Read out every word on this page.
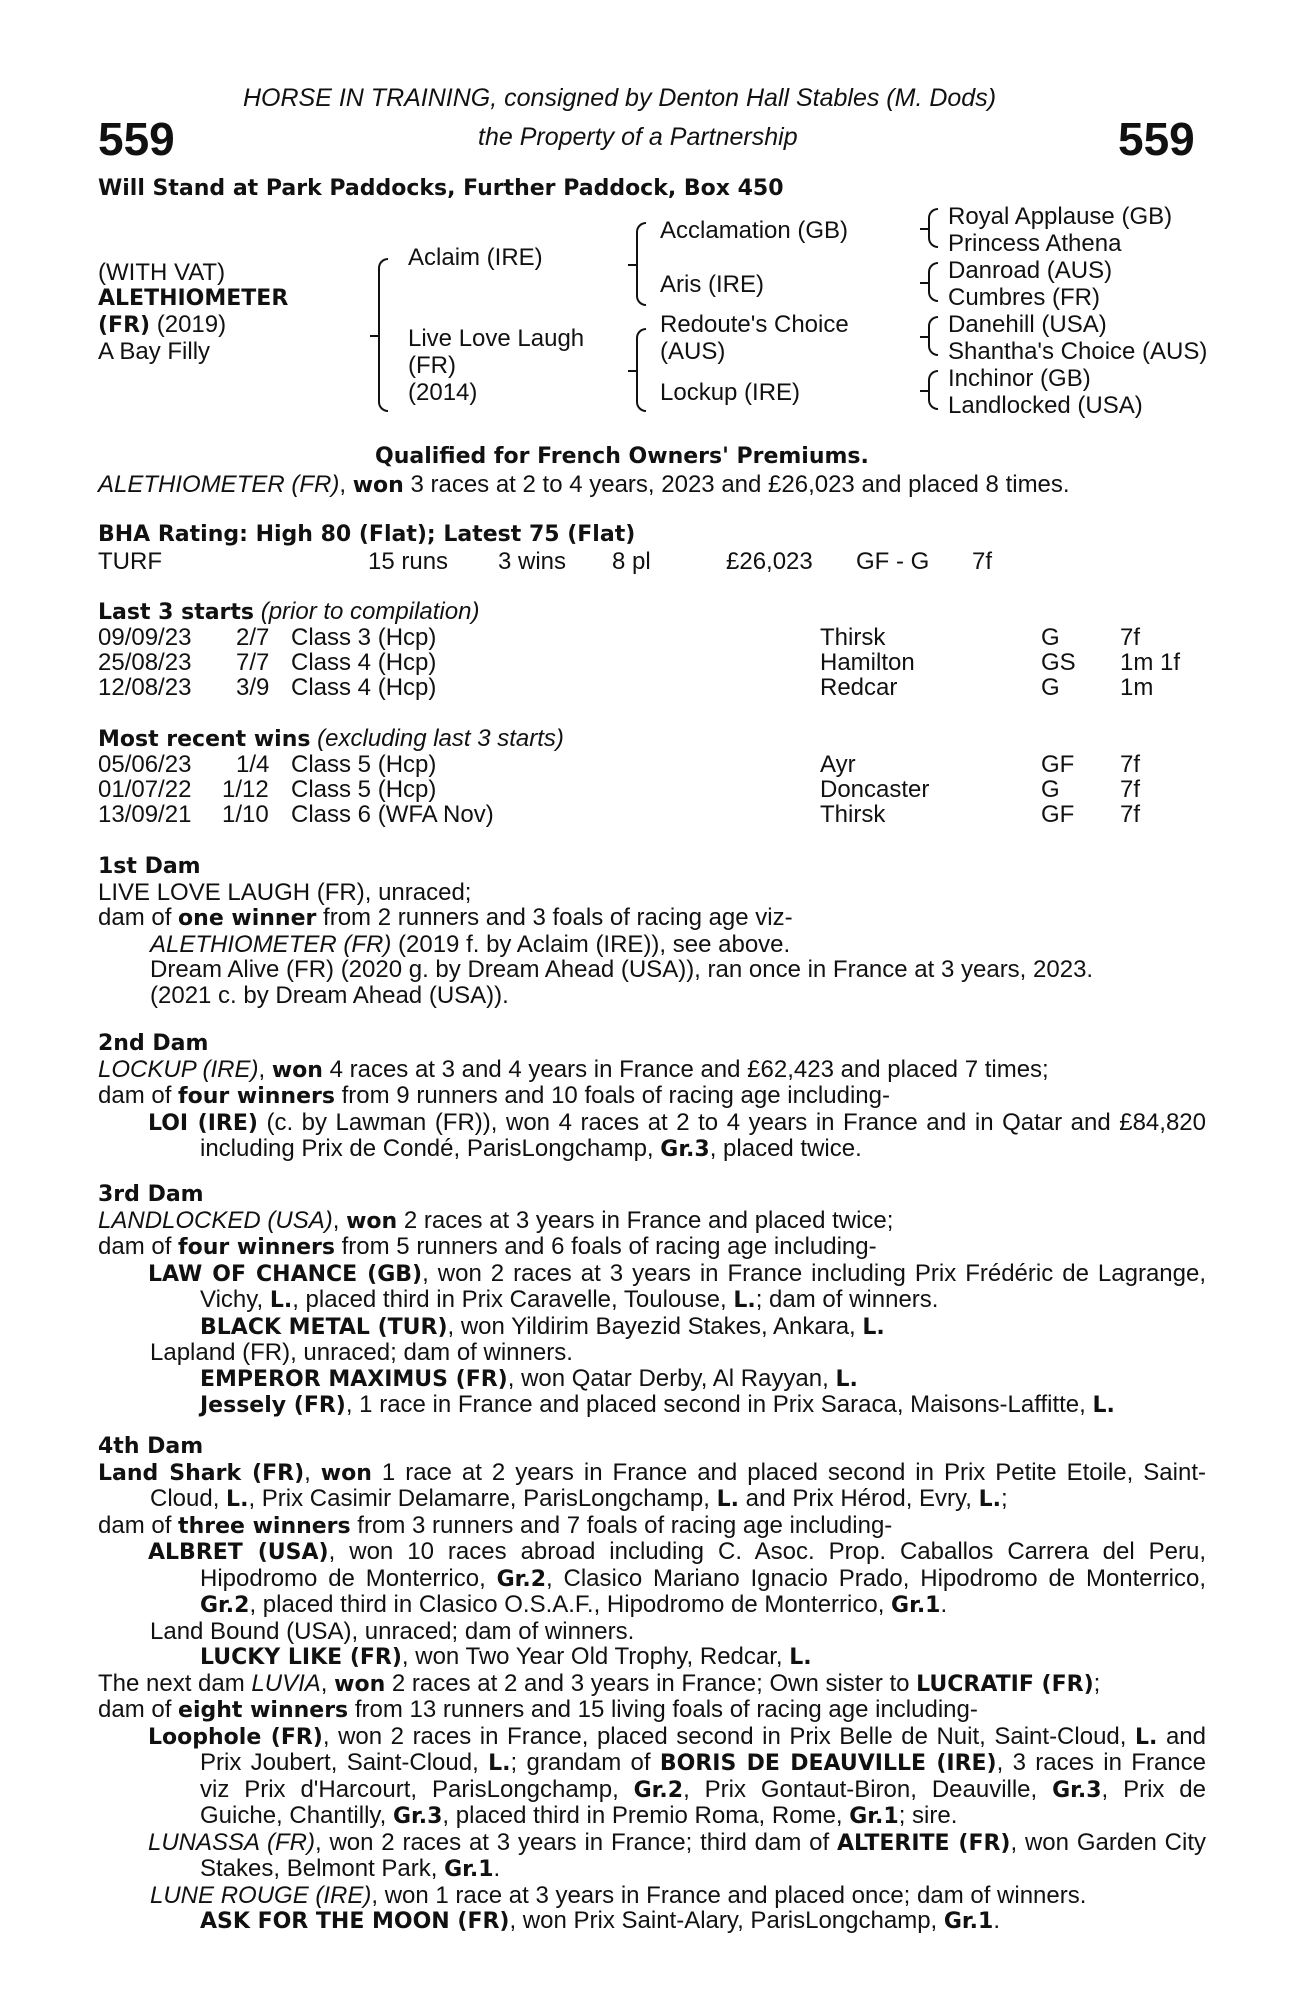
HORSE IN TRAINING, consigned by Denton Hall Stables (M. Dods)
the Property of a Partnership
559	559
Will Stand at Park Paddocks, Further Paddock, Box 450
(WITH VAT)
ALETHIOMETER
(FR) (2019)
A Bay Filly
Aclaim (IRE)
Live Love Laugh
(FR)
(2014)
Acclamation (GB)
Aris (IRE)
Redoute's Choice
(AUS)
Lockup (IRE)
Royal Applause (GB)
Princess Athena
Danroad (AUS)
Cumbres (FR)
Danehill (USA)
Shantha's Choice (AUS)
Inchinor (GB)
Landlocked (USA)
Qualified for French Owners' Premiums.
ALETHIOMETER (FR), won 3 races at 2 to 4 years, 2023 and £26,023 and placed 8 times.
BHA Rating: High 80 (Flat); Latest 75 (Flat)
TURF	15 runs 3 wins 8 pl	£26,023 GF - G 7f
Last 3 starts (prior to compilation)
09/09/23 2/7 Class 3 (Hcp)	Thirsk	G	7f
25/08/23 7/7 Class 4 (Hcp)	Hamilton	GS 1m 1f
12/08/23 3/9 Class 4 (Hcp)	Redcar	G	1m
Most recent wins (excluding last 3 starts)
05/06/23 1/4 Class 5 (Hcp)	Ayr	GF 7f
01/07/22 1/12 Class 5 (Hcp)	Doncaster	G	7f
13/09/21 1/10 Class 6 (WFA Nov)	Thirsk	GF 7f
1st Dam
LIVE LOVE LAUGH (FR), unraced;
dam of one winner from 2 runners and 3 foals of racing age viz-
ALETHIOMETER (FR) (2019 f. by Aclaim (IRE)), see above.
Dream Alive (FR) (2020 g. by Dream Ahead (USA)), ran once in France at 3 years, 2023.
(2021 c. by Dream Ahead (USA)).
2nd Dam
LOCKUP (IRE), won 4 races at 3 and 4 years in France and £62,423 and placed 7 times;
dam of four winners from 9 runners and 10 foals of racing age including-
LOI (IRE) (c. by Lawman (FR)), won 4 races at 2 to 4 years in France and in Qatar and £84,820 including Prix de Condé, ParisLongchamp, Gr.3, placed twice.
3rd Dam
LANDLOCKED (USA), won 2 races at 3 years in France and placed twice;
dam of four winners from 5 runners and 6 foals of racing age including-
LAW OF CHANCE (GB), won 2 races at 3 years in France including Prix Frédéric de Lagrange, Vichy, L., placed third in Prix Caravelle, Toulouse, L.; dam of winners.
BLACK METAL (TUR), won Yildirim Bayezid Stakes, Ankara, L.
Lapland (FR), unraced; dam of winners.
EMPEROR MAXIMUS (FR), won Qatar Derby, Al Rayyan, L.
Jessely (FR), 1 race in France and placed second in Prix Saraca, Maisons-Laffitte, L.
4th Dam
Land Shark (FR), won 1 race at 2 years in France and placed second in Prix Petite Etoile, Saint-Cloud, L., Prix Casimir Delamarre, ParisLongchamp, L. and Prix Hérod, Evry, L.;
dam of three winners from 3 runners and 7 foals of racing age including-
ALBRET (USA), won 10 races abroad including C. Asoc. Prop. Caballos Carrera del Peru, Hipodromo de Monterrico, Gr.2, Clasico Mariano Ignacio Prado, Hipodromo de Monterrico, Gr.2, placed third in Clasico O.S.A.F., Hipodromo de Monterrico, Gr.1.
Land Bound (USA), unraced; dam of winners.
LUCKY LIKE (FR), won Two Year Old Trophy, Redcar, L.
The next dam LUVIA, won 2 races at 2 and 3 years in France; Own sister to LUCRATIF (FR);
dam of eight winners from 13 runners and 15 living foals of racing age including-
Loophole (FR), won 2 races in France, placed second in Prix Belle de Nuit, Saint-Cloud, L. and Prix Joubert, Saint-Cloud, L.; grandam of BORIS DE DEAUVILLE (IRE), 3 races in France viz Prix d'Harcourt, ParisLongchamp, Gr.2, Prix Gontaut-Biron, Deauville, Gr.3, Prix de Guiche, Chantilly, Gr.3, placed third in Premio Roma, Rome, Gr.1; sire.
LUNASSA (FR), won 2 races at 3 years in France; third dam of ALTERITE (FR), won Garden City Stakes, Belmont Park, Gr.1.
LUNE ROUGE (IRE), won 1 race at 3 years in France and placed once; dam of winners.
ASK FOR THE MOON (FR), won Prix Saint-Alary, ParisLongchamp, Gr.1.
